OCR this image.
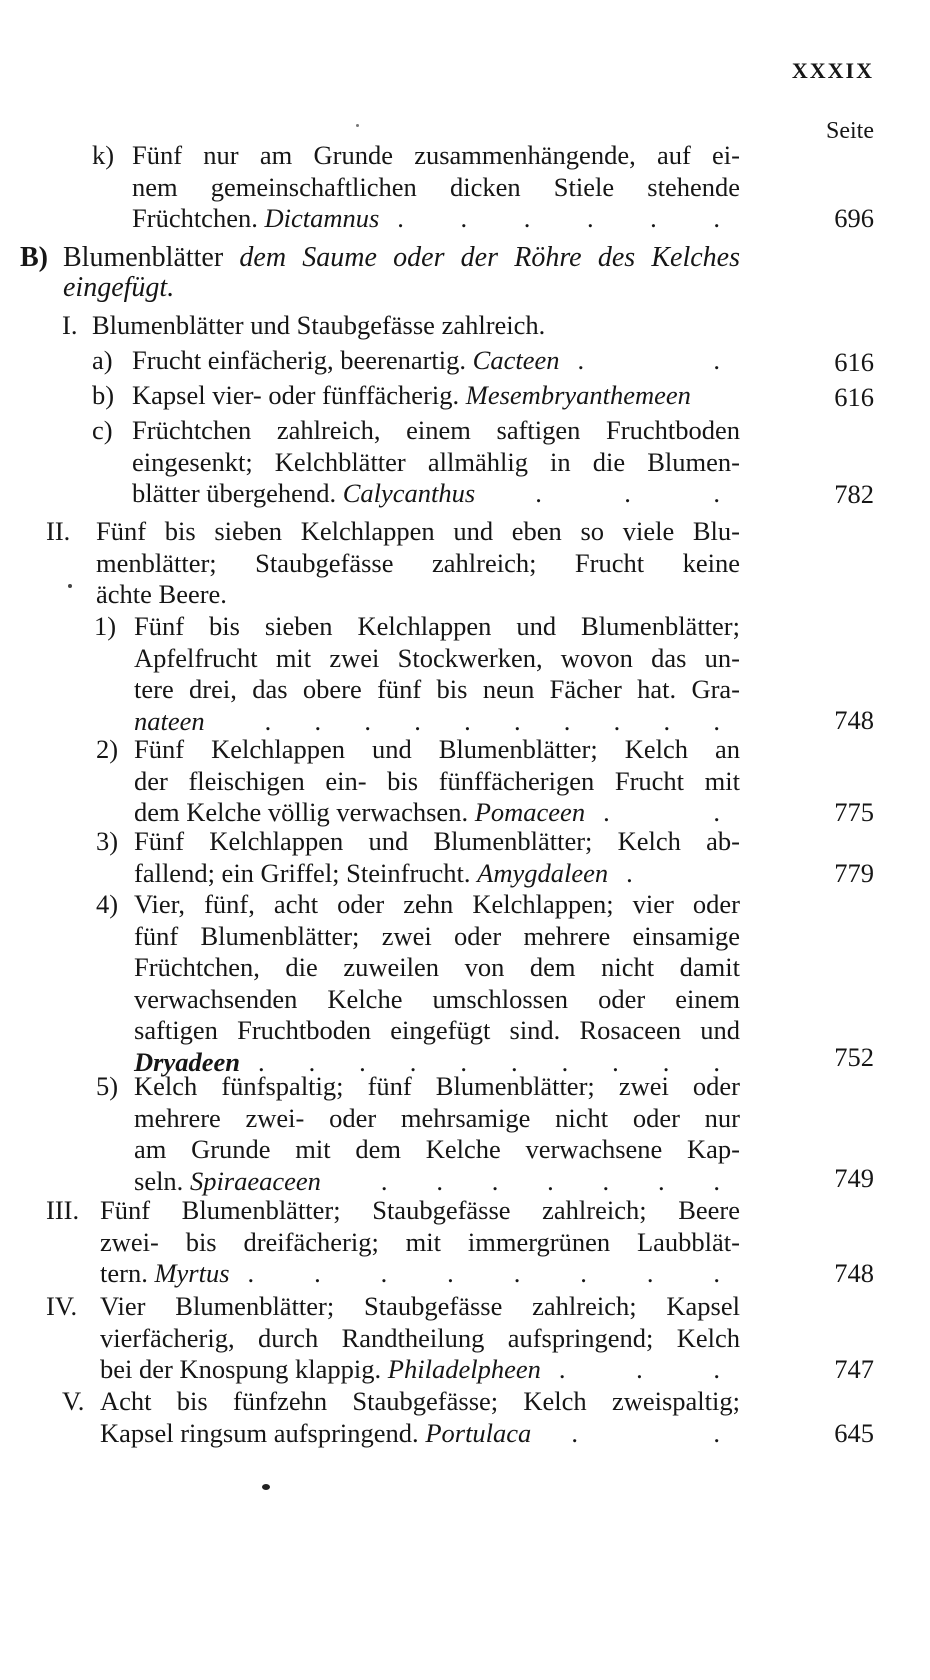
XXXIX
Seite
k) Fünf nur am Grunde zusammenhängende, auf ei-
nem gemeinschaftlichen dicken Stiele stehende
Früchtchen. Dictamnus . . . . . .	696
B) Blumenblätter dem Saume oder der Röhre des Kelches
eingefügt.
I. Blumenblätter und Staubgefässe zahlreich.
a) Frucht einfächerig, beerenartig. Cacteen . .	616
b) Kapsel vier- oder fünffächerig. Mesembryanthemeen	616
c) Früchtchen zahlreich, einem saftigen Fruchtboden
eingesenkt; Kelchblätter allmählig in die Blumen-
blätter übergehend. Calycanthus	. . .	782
II. Fünf bis sieben Kelchlappen und eben so viele Blu-
menblätter; Staubgefässe zahlreich; Frucht keine
ächte Beere.
1) Fünf bis sieben Kelchlappen und Blumenblätter;
Apfelfrucht mit zwei Stockwerken, wovon das un-
tere drei, das obere fünf bis neun Fächer hat. Gra-
nateen	. . . . . . . . . .	748
2) Fünf Kelchlappen und Blumenblätter; Kelch an
der fleischigen ein- bis fünffächerigen Frucht mit
dem Kelche völlig verwachsen. Pomaceen . .	775
3) Fünf Kelchlappen und Blumenblätter; Kelch ab-
fallend; ein Griffel; Steinfrucht. Amygdaleen .	779
4) Vier, fünf, acht oder zehn Kelchlappen; vier oder
fünf Blumenblätter; zwei oder mehrere einsamige
Früchtchen, die zuweilen von dem nicht damit
verwachsenden Kelche umschlossen oder einem
saftigen Fruchtboden eingefügt sind. Rosaceen und
Dryadeen . . . . . . . . . .	752
5) Kelch fünfspaltig; fünf Blumenblätter; zwei oder
mehrere zwei- oder mehrsamige nicht oder nur
am Grunde mit dem Kelche verwachsene Kap-
seln. Spiraeaceen	. . . . . . .	749
III. Fünf Blumenblätter; Staubgefässe zahlreich; Beere
zwei- bis dreifächerig; mit immergrünen Laubblät-
tern. Myrtus . . . . . . . .	748
IV. Vier Blumenblätter; Staubgefässe zahlreich; Kapsel
vierfächerig, durch Randtheilung aufspringend; Kelch
bei der Knospung klappig. Philadelpheen . . .	747
V. Acht bis fünfzehn Staubgefässe; Kelch zweispaltig;
Kapsel ringsum aufspringend. Portulaca	. .	645
